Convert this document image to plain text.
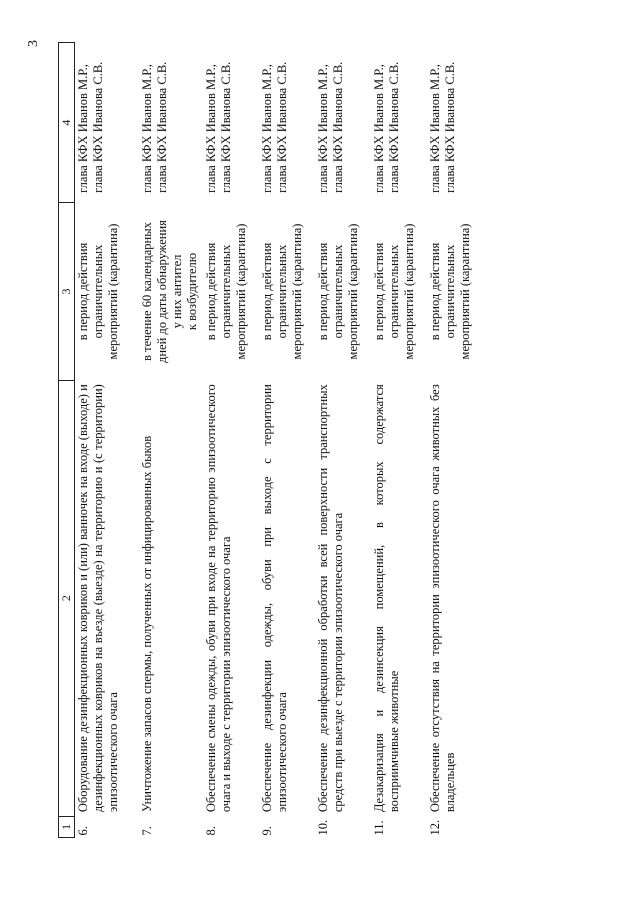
3
1	2	3	4
6.	Оборудование дезинфекционных ковриков и (или) ванночек на входе (выходе) и дезинфекционных ковриков на въезде (выезде) на территорию и (с территории) эпизоотического очага	в период действия ограничительных мероприятий (карантина)	глава КФХ Иванов М.Р., глава КФХ Иванова С.В.

7.	Уничтожение запасов спермы, полученных от инфицированных быков	в течение 60 календарных дней до даты обнаружения у них антител к возбудителю	глава КФХ Иванов М.Р., глава КФХ Иванова С.В.

8.	Обеспечение смены одежды, обуви при входе на территорию эпизоотического очага и выходе с территории эпизоотического очага	в период действия ограничительных мероприятий (карантина)	глава КФХ Иванов М.Р., глава КФХ Иванова С.В.

9.	Обеспечение дезинфекции одежды, обуви при выходе с территории эпизоотического очага	в период действия ограничительных мероприятий (карантина)	глава КФХ Иванов М.Р., глава КФХ Иванова С.В.

10.	Обеспечение дезинфекционной обработки всей поверхности транспортных средств при выезде с территории эпизоотического очага	в период действия ограничительных мероприятий (карантина)	глава КФХ Иванов М.Р., глава КФХ Иванова С.В.

11.	Дезакаризация и дезинсекция помещений, в которых содержатся восприимчивые животные	в период действия ограничительных мероприятий (карантина)	глава КФХ Иванов М.Р., глава КФХ Иванова С.В.

12.	Обеспечение отсутствия на территории эпизоотического очага животных без владельцев	в период действия ограничительных мероприятий (карантина)	глава КФХ Иванов М.Р., глава КФХ Иванова С.В.
